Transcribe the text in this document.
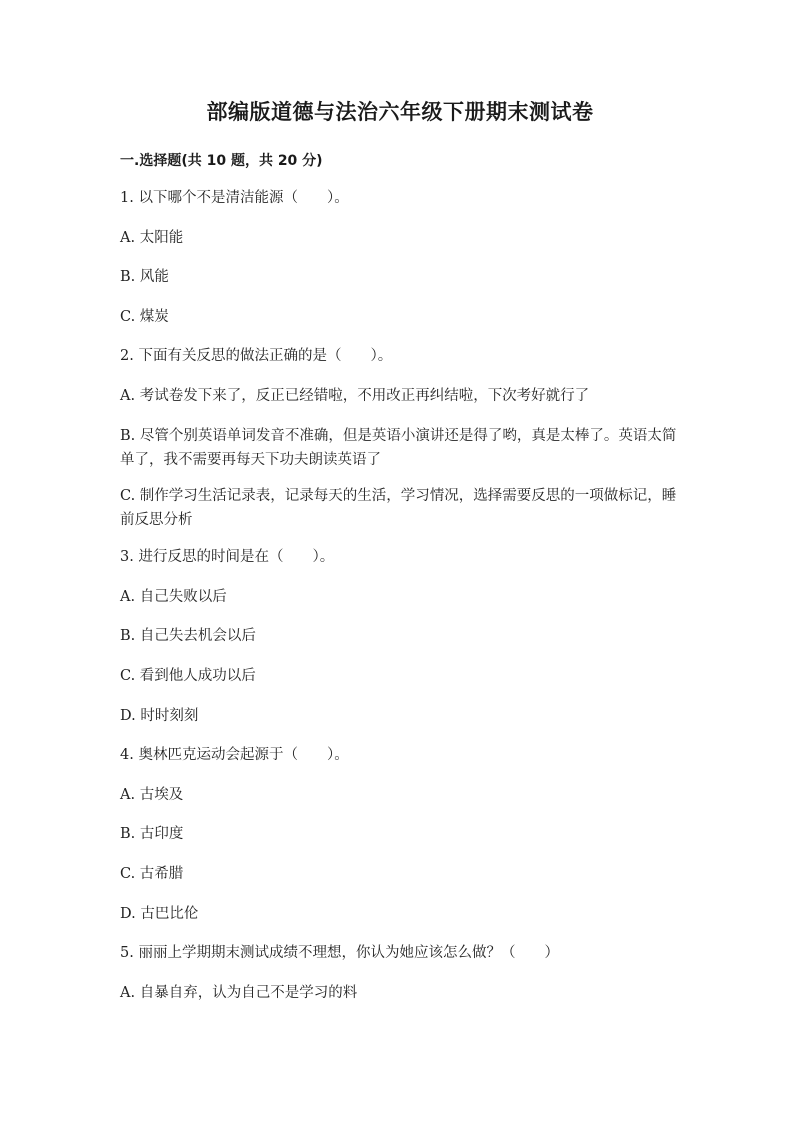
部编版道德与法治六年级下册期末测试卷
一.选择题(共 10 题，共 20 分)
1. 以下哪个不是清洁能源（　　）。
A. 太阳能
B. 风能
C. 煤炭
2. 下面有关反思的做法正确的是（　　）。
A. 考试卷发下来了，反正已经错啦，不用改正再纠结啦，下次考好就行了
B. 尽管个别英语单词发音不准确，但是英语小演讲还是得了哟，真是太棒了。英语太简单了，我不需要再每天下功夫朗读英语了
C. 制作学习生活记录表，记录每天的生活，学习情况，选择需要反思的一项做标记，睡前反思分析
3. 进行反思的时间是在（　　）。
A. 自己失败以后
B. 自己失去机会以后
C. 看到他人成功以后
D. 时时刻刻
4. 奥林匹克运动会起源于（　　）。
A. 古埃及
B. 古印度
C. 古希腊
D. 古巴比伦
5. 丽丽上学期期末测试成绩不理想，你认为她应该怎么做？（　　）
A. 自暴自弃，认为自己不是学习的料
